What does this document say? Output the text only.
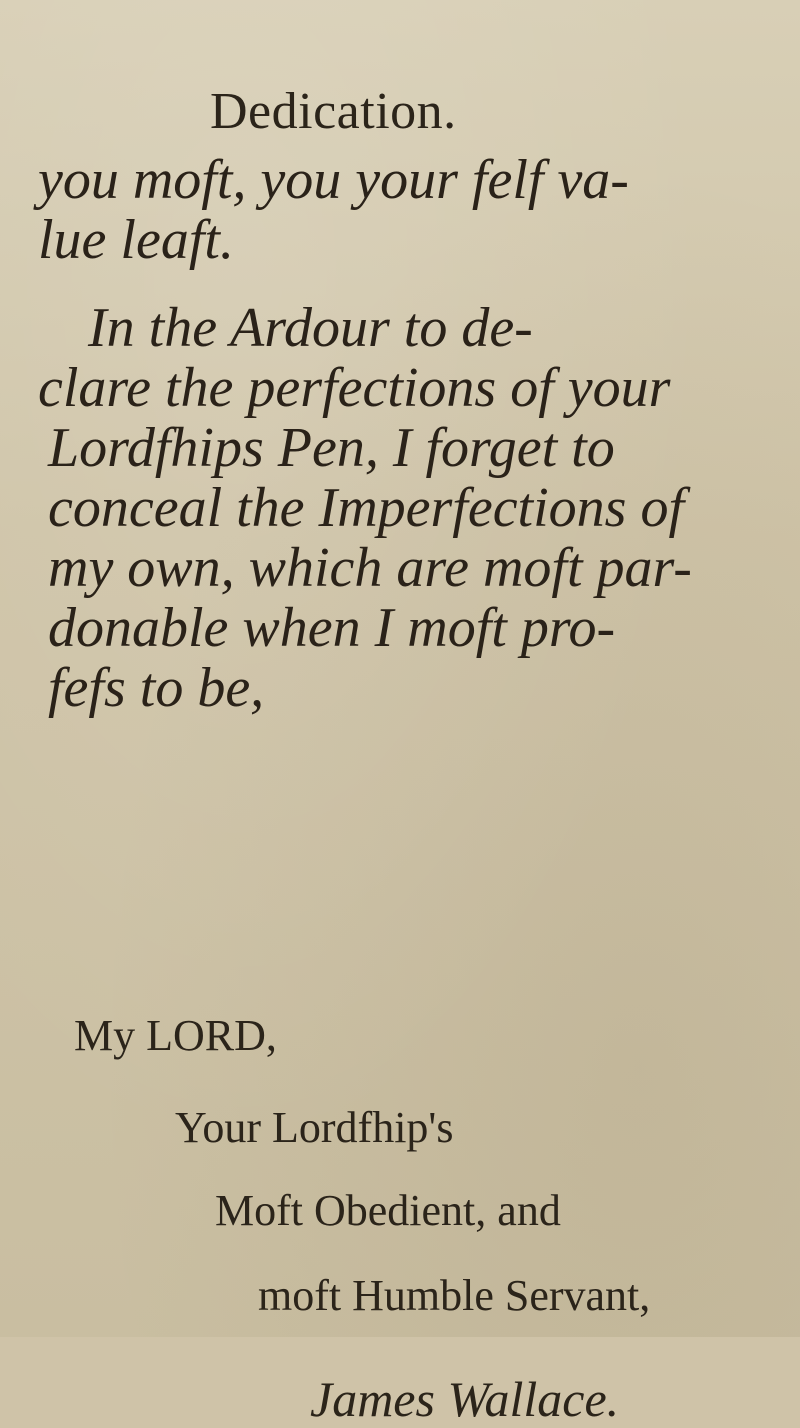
Dedication.
you moft, you your felf va-
lue leaft.
In the Ardour to de-
clare the perfections of your
Lordfhips Pen, I forget to
conceal the Imperfections of
my own, which are moft par-
donable when I moft pro-
fefs to be,
My LORD,
Your Lordfhip's
Moft Obedient, and
moft Humble Servant,
James Wallace.
